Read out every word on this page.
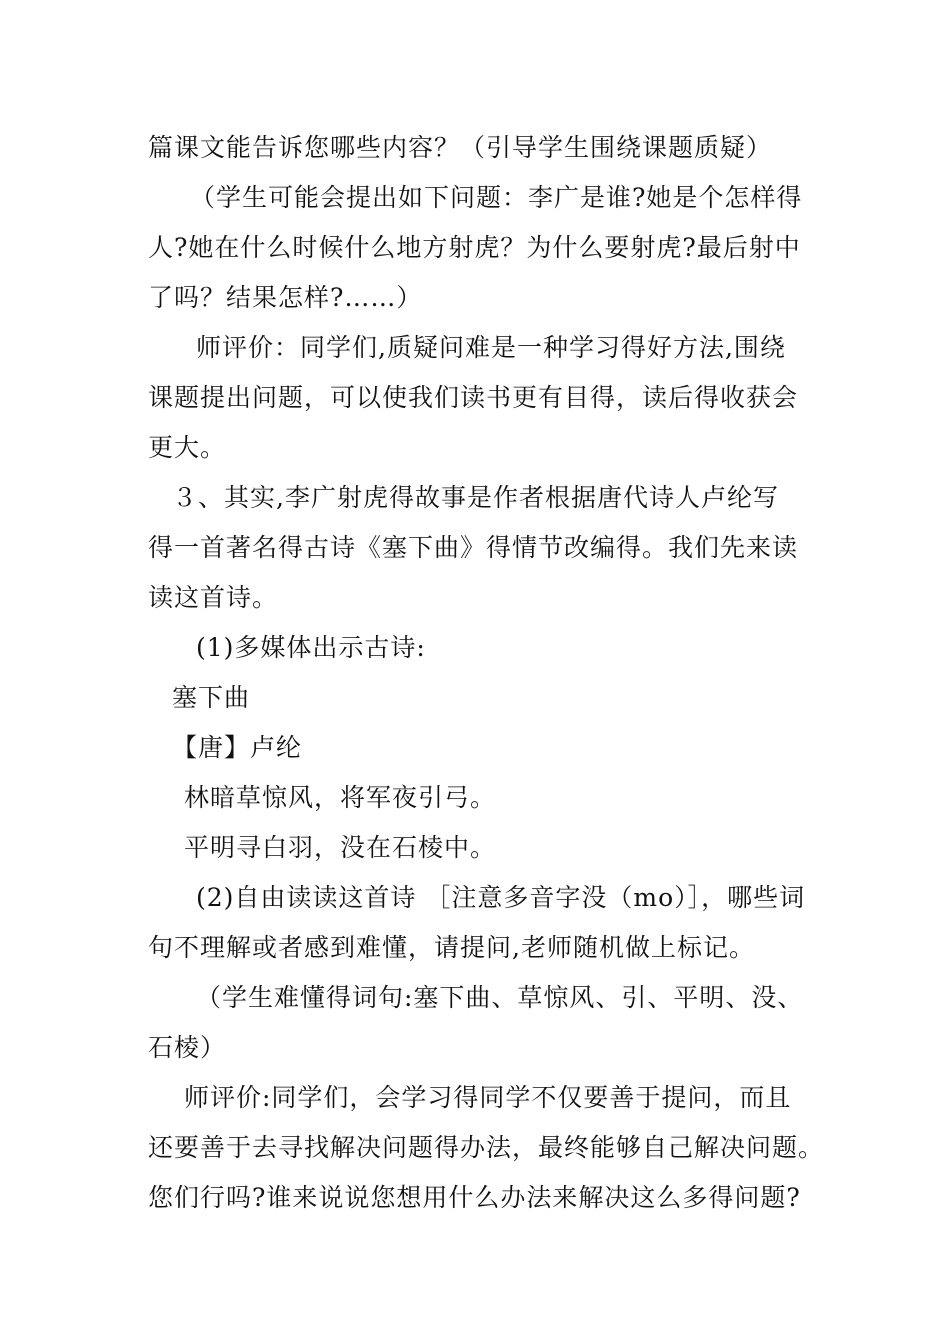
篇课文能告诉您哪些内容？（引导学生围绕课题质疑）
（学生可能会提出如下问题：李广是谁?她是个怎样得
人?她在什么时候什么地方射虎？为什么要射虎?最后射中
了吗？结果怎样?……）
师评价：同学们,质疑问难是一种学习得好方法,围绕
课题提出问题，可以使我们读书更有目得，读后得收获会
更大。
３、其实,李广射虎得故事是作者根据唐代诗人卢纶写
得一首著名得古诗《塞下曲》得情节改编得。我们先来读
读这首诗。
(1)多媒体出示古诗:
塞下曲
【唐】卢纶
林暗草惊风，将军夜引弓。
平明寻白羽，没在石棱中。
(2)自由读读这首诗 ［注意多音字没（mo）］，哪些词
句不理解或者感到难懂，请提问,老师随机做上标记。
（学生难懂得词句:塞下曲、草惊风、引、平明、没、
石棱）
师评价:同学们，会学习得同学不仅要善于提问，而且
还要善于去寻找解决问题得办法，最终能够自己解决问题。
您们行吗?谁来说说您想用什么办法来解决这么多得问题?
